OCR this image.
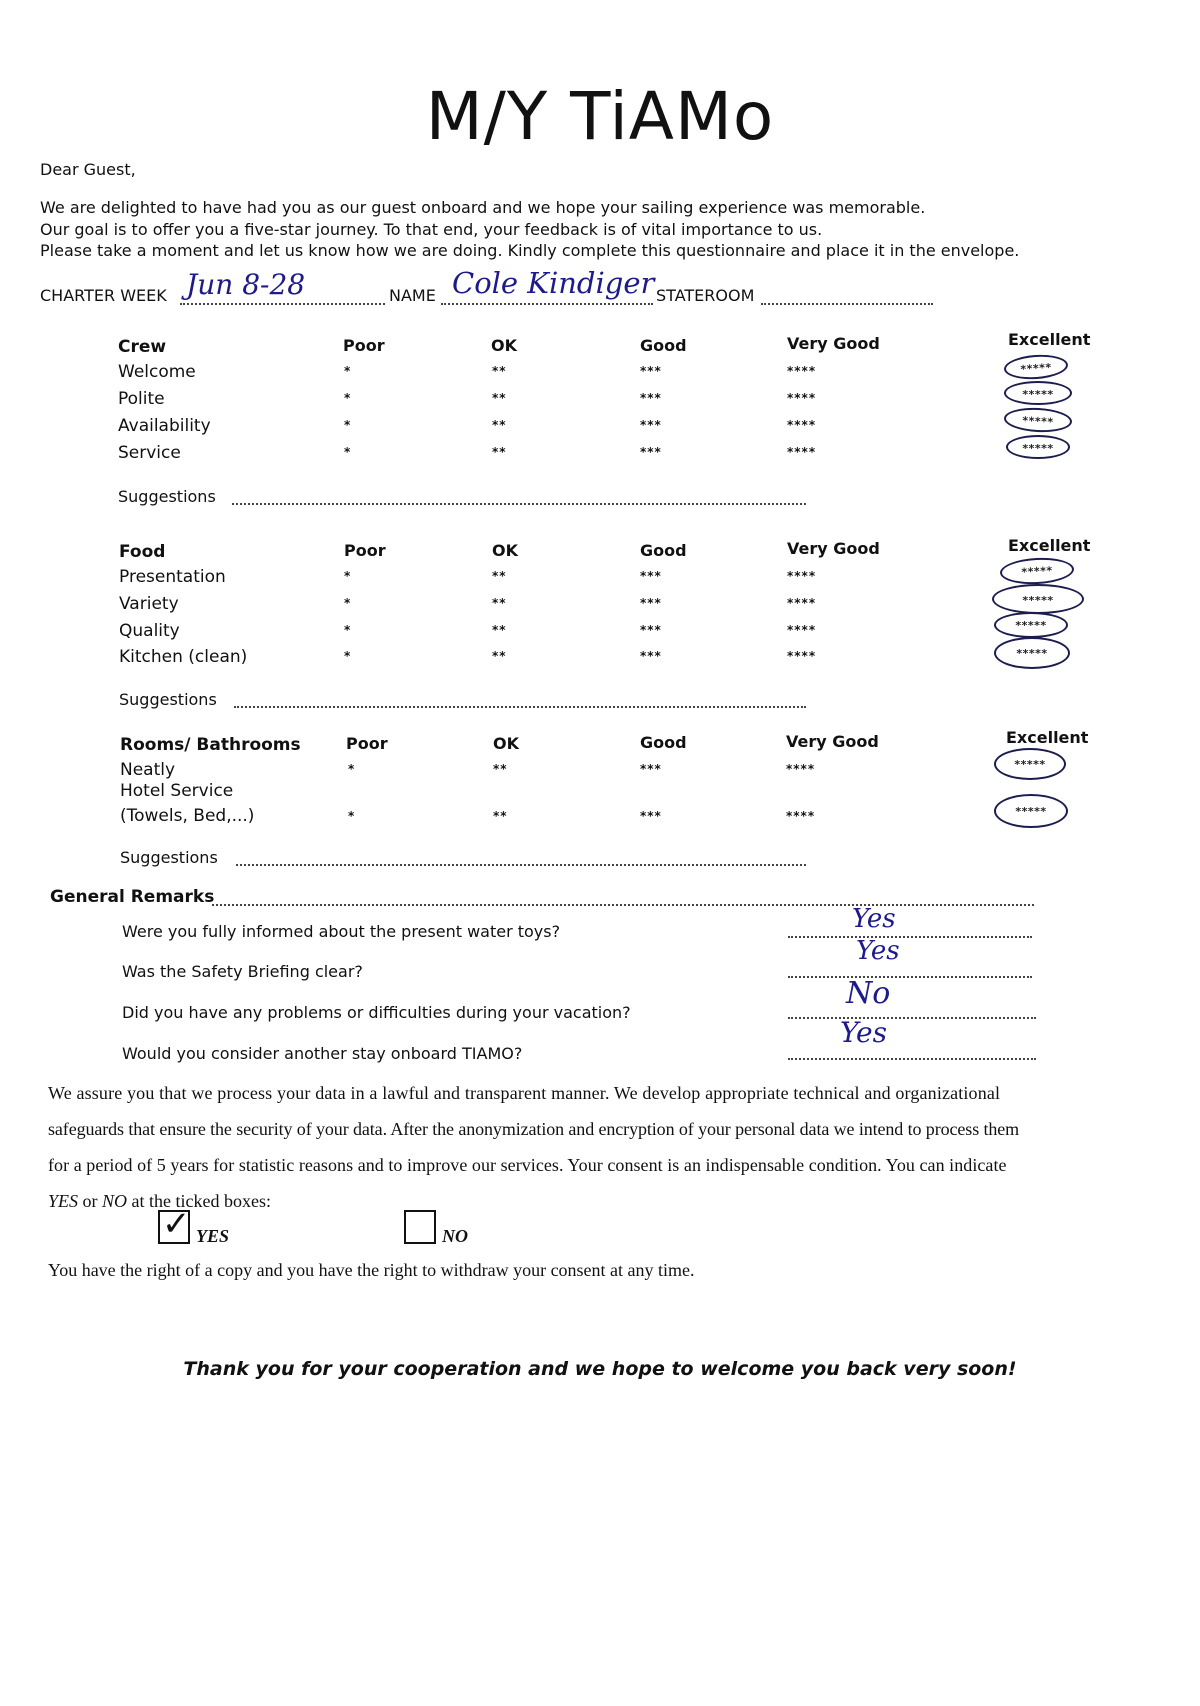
M/Y TiAMo
Dear Guest,
We are delighted to have had you as our guest onboard and we hope your sailing experience was memorable.
Our goal is to offer you a five-star journey. To that end, your feedback is of vital importance to us.
Please take a moment and let us know how we are doing. Kindly complete this questionnaire and place it in the envelope.
CHARTER WEEK Jun 8-28	NAME Cole Kindiger STATEROOM
Crew	Poor	OK	Good	Very Good	Excellent
Welcome	*	**	***	****	*****
Polite	*	**	***	****	*****
Availability	*	**	***	****	*****
Service	*	**	***	****	*****
Suggestions
Food	Poor	OK	Good	Very Good	Excellent
Presentation	*	**	***	****	*****
Variety	*	**	***	****	*****
Quality	*	**	***	****	*****
Kitchen (clean)	*	**	***	****	*****
Suggestions
Rooms/ Bathrooms	Poor	OK	Good	Very Good	Excellent
Neatly	*	**	***	****	*****
Hotel Service
(Towels, Bed,...)	*	**	***	****	*****
Suggestions
General Remarks
Were you fully informed about the present water toys?	Yes
Was the Safety Briefing clear?
Yes
Did you have any problems or difficulties during your vacation?
No
Would you consider another stay onboard TIAMO?
Yes
We assure you that we process your data in a lawful and transparent manner. We develop appropriate technical and organizational
safeguards that ensure the security of your data. After the anonymization and encryption of your personal data we intend to process them
for a period of 5 years for statistic reasons and to improve our services. Your consent is an indispensable condition. You can indicate
YES or NO at the ticked boxes:
✓ YES	NO
You have the right of a copy and you have the right to withdraw your consent at any time.
Thank you for your cooperation and we hope to welcome you back very soon!
